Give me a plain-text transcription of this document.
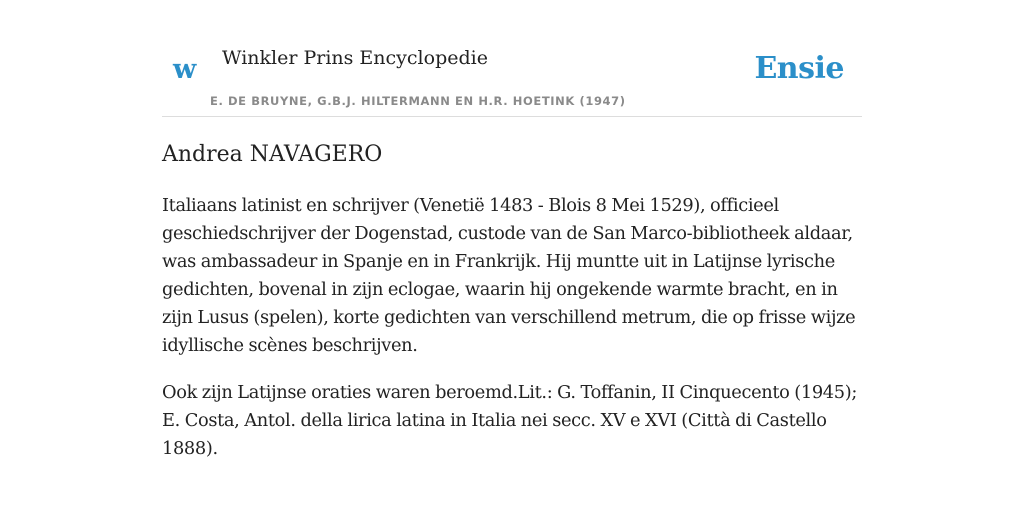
w Winkler Prins Encyclopedie
E. DE BRUYNE, G.B.J. HILTERMANN EN H.R. HOETINK (1947)
Ensie
Andrea NAVAGERO

Italiaans latinist en schrijver (Venetië 1483 - Blois 8 Mei 1529), officieel geschiedschrijver der Dogenstad, custode van de San Marco-bibliotheek aldaar, was ambassadeur in Spanje en in Frankrijk. Hij muntte uit in Latijnse lyrische gedichten, bovenal in zijn eclogae, waarin hij ongekende warmte bracht, en in zijn Lusus (spelen), korte gedichten van verschillend metrum, die op frisse wijze idyllische scènes beschrijven.

Ook zijn Latijnse oraties waren beroemd.Lit.: G. Toffanin, II Cinquecento (1945); E. Costa, Antol. della lirica latina in Italia nei secc. XV e XVI (Città di Castello 1888).
